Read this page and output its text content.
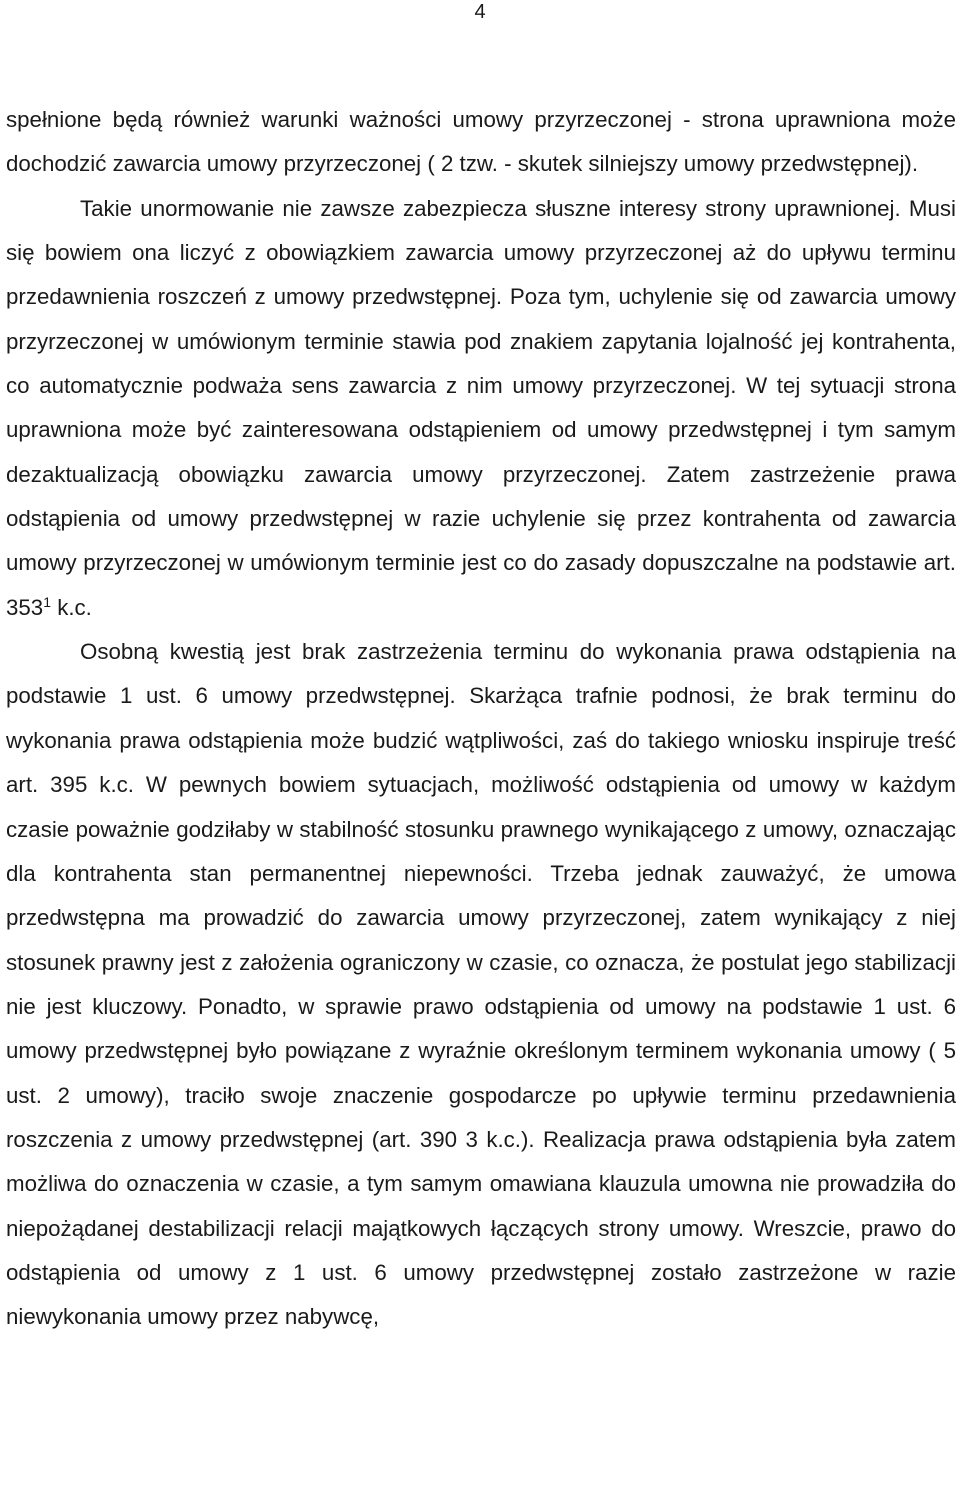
4

spełnione będą również warunki ważności umowy przyrzeczonej - strona uprawniona może dochodzić zawarcia umowy przyrzeczonej ( 2 tzw. - skutek silniejszy umowy przedwstępnej).

Takie unormowanie nie zawsze zabezpiecza słuszne interesy strony uprawnionej. Musi się bowiem ona liczyć z obowiązkiem zawarcia umowy przyrzeczonej aż do upływu terminu przedawnienia roszczeń z umowy przedwstępnej. Poza tym, uchylenie się od zawarcia umowy przyrzeczonej w umówionym terminie stawia pod znakiem zapytania lojalność jej kontrahenta, co automatycznie podważa sens zawarcia z nim umowy przyrzeczonej. W tej sytuacji strona uprawniona może być zainteresowana odstąpieniem od umowy przedwstępnej i tym samym dezaktualizacją obowiązku zawarcia umowy przyrzeczonej. Zatem zastrzeżenie prawa odstąpienia od umowy przedwstępnej w razie uchylenie się przez kontrahenta od zawarcia umowy przyrzeczonej w umówionym terminie jest co do zasady dopuszczalne na podstawie art. $353^1$ k.c.

Osobną kwestią jest brak zastrzeżenia terminu do wykonania prawa odstąpienia na podstawie 1 ust. 6 umowy przedwstępnej. Skarżąca trafnie podnosi, że brak terminu do wykonania prawa odstąpienia może budzić wątpliwości, zaś do takiego wniosku inspiruje treść art. 395 k.c. W pewnych bowiem sytuacjach, możliwość odstąpienia od umowy w każdym czasie poważnie godziłaby w stabilność stosunku prawnego wynikającego z umowy, oznaczając dla kontrahenta stan permanentnej niepewności. Trzeba jednak zauważyć, że umowa przedwstępna ma prowadzić do zawarcia umowy przyrzeczonej, zatem wynikający z niej stosunek prawny jest z założenia ograniczony w czasie, co oznacza, że postulat jego stabilizacji nie jest kluczowy. Ponadto, w sprawie prawo odstąpienia od umowy na podstawie 1 ust. 6 umowy przedwstępnej było powiązane z wyraźnie określonym terminem wykonania umowy ( 5 ust. 2 umowy), traciło swoje znaczenie gospodarcze po upływie terminu przedawnienia roszczenia z umowy przedwstępnej (art. 390 3 k.c.). Realizacja prawa odstąpienia była zatem możliwa do oznaczenia w czasie, a tym samym omawiana klauzula umowna nie prowadziła do niepożądanej destabilizacji relacji majątkowych łączących strony umowy. Wreszcie, prawo do odstąpienia od umowy z 1 ust. 6 umowy przedwstępnej zostało zastrzeżone w razie niewykonania umowy przez nabywcę,
